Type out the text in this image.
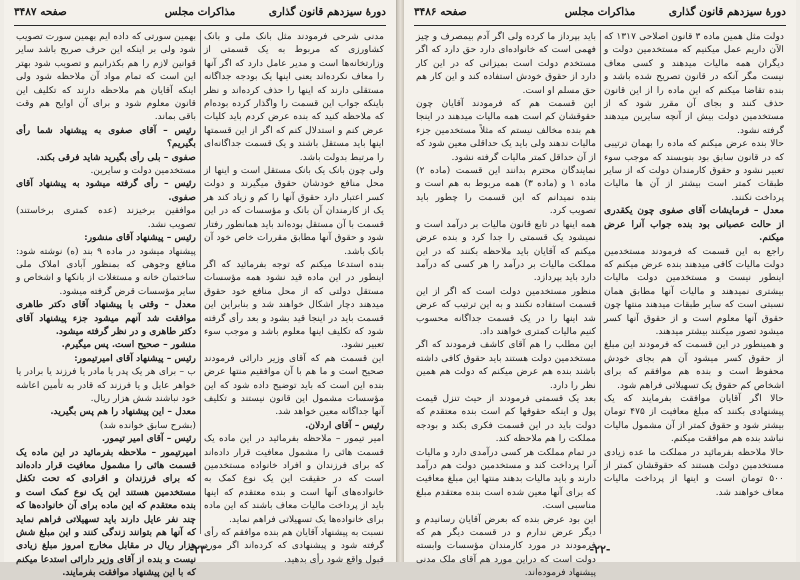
دورهٔ سیزدهم قانون گذاری
مذاکرات مجلس
صفحه ۳۴۸۷

مدنی شرحی فرمودند مثل بانک ملی و بانک کشاورزی که مربوط به یک قسمتی از وزارتخانه‌ها است و مدیر عامل دارد که اگر آنها را معاف نکرده‌اند یعنی اینها یک بودجه جداگانه مستقلی دارند که اینها را حذف کرده‌اند و نظر باینکه جواب این قسمت را واگذار کرده بوده‌ام که ملاحظه کنید که بنده عرض کردم باید کلیات عرض کنم و استدلال کنم که اگر از این قسمتها اینها باید مستقل باشند و یک قسمت جداگانه‌ای را مرتبط بدولت باشد.

ولی چون بانک یک بانک مستقل است و اینها از محل منافع خودشان حقوق میگیرند و دولت کسر اعتبار دارد حقوق آنها را کم و زیاد کند هر یک از کارمندان آن بانک و مؤسسات که در این قسمت با آن مستقل بوده‌اند باید همانطور رفتار شود و حقوق آنها مطابق مقررات خاص خود آن بانک باشد.

بنده استدعا میکنم که توجه بفرمائید که اگر اینطور در این ماده قید نشود همه مؤسسات مستقل دولتی که از محل منافع خود حقوق میدهند دچار اشکال خواهند شد و بنابراین این قسمت باید در اینجا قید بشود و بعد رأی گرفته شود که تکلیف اینها معلوم باشد و موجب سوء تعبیر نشود.

این قسمت هم که آقای وزیر دارائی فرمودند صحیح است و ما هم با آن موافقیم منتها عرض بنده این است که باید توضیح داده شود که این مؤسسات مشمول این قانون نیستند و تکلیف آنها جداگانه معین خواهد شد.

رئیس – آقای اردلان.

امیر تیمور – ملاحظه بفرمائید در این ماده یک قسمت هائی را مشمول معافیت قرار داده‌اند که برای فرزندان و افراد خانواده مستخدمین است که در حقیقت این یک نوع کمک به خانواده‌های آنها است و بنده معتقدم که اینها باید از پرداخت مالیات معاف باشند که این ماده برای خانواده‌ها یک تسهیلاتی فراهم نماید.

نسبت به پیشنهاد آقایان هم بنده موافقم که رأی گرفته شود و پیشنهادی که کرده‌اند اگر مورد قبول واقع شود رأی بدهید.

بهمین سورتی که داده ایم بهمین سورت تصویب شود ولی بر اینکه این حرف صریح باشد سایر قوانین لازم را هم بکذرانیم و تصویب شود بهتر این است که تمام مواد آن ملاحظه شود ولی اینکه آقایان هم ملاحظه دارند که تکلیف این قانون معلوم شود و برای آن اوایح هم وقت باقی بماند.

رئیس – آقای صفوی به پیشنهاد شما رأی بگیریم؟

صفوی – بلی رأی بگیرید شاید فرقی بکند.

مستخدمین دولت و سایرین.

رئیس – رأی گرفته میشود به پیشنهاد آقای صفوی.

موافقین برخیزند (عده کمتری برخاستند) تصویب نشد.

رئیس – پیشنهاد آقای منشور:

پیشنهاد میشود در ماده ۹ بند (ه) نوشته شود: منافع وجوهی که بمنظور آبادی املاک ملی ساختمان خانه و مستغلات از بانکها و اشخاص و سایر مؤسسات قرض گرفته میشود.

معدل – وقتی با پیشنهاد آقای دکتر طاهری موافقت شد آنهم میشود جزء پیشنهاد آقای دکتر طاهری و در نظر گرفته میشود.

منشور – صحیح است. پس میگیرم.

رئیس – پیشنهاد آقای امیرتیمور:

ب – برای هر یک پدر یا مادر یا فرزند یا برادر یا خواهر عایل و یا فرزند که قادر به تأمین اعاشه خود نباشند شش هزار ریال.

معدل – این پیشنهاد را هم پس بگیرید.

(بشرح سابق خوانده شد)

رئیس – آقای امیر تیمور.

امیرتیمور – ملاحظه بفرمائید در این ماده یک قسمت هائی را مشمول معافیت قرار داده‌اند که برای فرزندان و افرادی که تحت تکفل مستخدمین هستند این یک نوع کمک است و بنده معتقدم که این ماده برای آن خانواده‌ها که چند نفر عایل دارند باید تسهیلاتی فراهم نماید که آنها هم بتوانند زندگی کنند و این مبلغ شش هزار ریال در مقابل مخارج امروز مبلغ زیادی نیست و بنده از آقای وزیر دارائی استدعا میکنم که با این پیشنهاد موافقت بفرمایند.

-۲۳-
دورهٔ سیزدهم قانون گذاری
مذاکرات مجلس
صفحه ۳۴۸۶

دولت مثل همین ماده ۳ قانون اصلاحی ۱۳۱۷ که الآن داریم عمل میکنیم که مستخدمین دولت و دیگران همه مالیات میدهند و کسی معاف نیست مگر آنکه در قانون تصریح شده باشد و بنده تقاضا میکنم که این ماده را از این قانون حذف کنند و بجای آن مقرر شود که از مستخدمین دولت بیش از آنچه سایرین میدهند گرفته نشود.

حالا بنده عرض میکنم که ماده را بهمان ترتیبی که در قانون سابق بود بنویسند که موجب سوء تعبیر نشود و حقوق کارمندان دولت که از سایر طبقات کمتر است بیشتر از آن ها مالیات پرداخت نکنند.

معدل – فرمایشات آقای صفوی چون یکقدری از حالت عصبانی بود بنده جواب آنرا عرض میکنم.

راجع به این قسمت که فرمودند مستخدمین دولت مالیات کافی میدهند بنده عرض میکنم که اینطور نیست و مستخدمین دولت مالیات بیشتری نمیدهند و مالیات آنها مطابق همان نسبتی است که سایر طبقات میدهند منتها چون حقوق آنها معلوم است و از حقوق آنها کسر میشود تصور میکنند بیشتر میدهند.

و همینطور در این قسمت که فرمودند این مبلغ از حقوق کسر میشود آن هم بجای خودش محفوظ است و بنده هم موافقم که برای اشخاص کم حقوق یک تسهیلاتی فراهم شود.

حالا اگر آقایان موافقت بفرمایند که یک پیشنهادی بکنند که مبلغ معافیت از ۴۷۵ تومان بیشتر شود و حقوق کمتر از آن مشمول مالیات نباشد بنده هم موافقت میکنم.

حالا ملاحظه بفرمائید در مملکت ما عده زیادی مستخدمین دولت هستند که حقوقشان کمتر از ۵۰۰ تومان است و اینها از پرداخت مالیات معاف خواهند شد.

باید بپرداز ما کرده ولی اگر آدم بیمصرف و چیز فهمی است که خانواده‌ای دارد حق دارد که اگر مستخدم دولت است بمیزانی که در این کار دارد از حقوق خودش استفاده کند و این کار هم حق مسلم او است.

این قسمت هم که فرمودند آقایان چون حقوقشان کم است همه مالیات میدهند در اینجا هم بنده مخالف نیستم که مثلاً مستخدمین جزء مالیات ندهند ولی باید یک حداقلی معین شود که از آن حداقل کمتر مالیات گرفته نشود.

نمایندگان محترم بدانند این قسمت (ماده ۲) ماده ۱ و (ماده ۳) همه مربوط به هم است و بنده نمیدانم که این قسمت را چطور باید تصویب کرد.

همه اینها در تابع قانون مالیات بر درآمد است و نمیشود یک قسمتی را جدا کرد و بنده عرض میکنم که آقایان باید ملاحظه بکنند که در این مملکت مالیات بر درآمد را هر کسی که درآمد دارد باید بپردازد.

منظور مستخدمین دولت است که اگر از این قسمت استفاده نکنند و به این ترتیب که عرض شد اینها را در یک قسمت جداگانه محسوب کنیم مالیات کمتری خواهند داد.

این مطلب را هم آقای کاشف فرمودند که اگر مستخدمین دولت هستند باید حقوق کافی داشته باشند بنده هم عرض میکنم که دولت هم همین نظر را دارد.

بعد یک قسمتی فرمودند از حیث تنزل قیمت پول و اینکه حقوقها کم است بنده معتقدم که دولت باید در این قسمت فکری بکند و بودجه مملکت را هم ملاحظه کند.

در تمام مملکت هر کسی درآمدی دارد و مالیات آنرا پرداخت کند و مستخدمین دولت هم درآمد دارند و باید مالیات بدهند منتها این مبلغ معافیت که برای آنها معین شده است بنده معتقدم مبلغ مناسبی است.

این بود عرض بنده که بعرض آقایان رسانیدم و دیگر عرض ندارم و در قسمت دیگر هم که فرمودند در مورد کارمندان مؤسسات وابسته دولت است که دراین مورد هم آقای ملک مدنی پیشنهاد فرموده‌اند.

-۲۲-
